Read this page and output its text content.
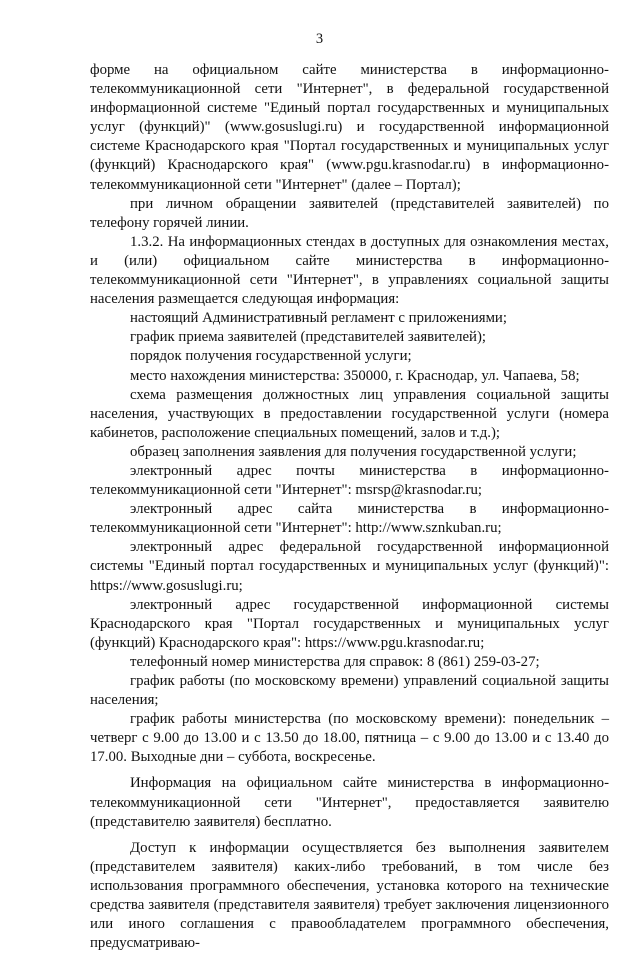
3

форме на официальном сайте министерства в информационно-телекоммуникационной сети "Интернет", в федеральной государственной информационной системе "Единый портал государственных и муниципальных услуг (функций)" (www.gosuslugi.ru) и государственной информационной системе Краснодарского края "Портал государственных и муниципальных услуг (функций) Краснодарского края" (www.pgu.krasnodar.ru) в информационно-телекоммуникационной сети "Интернет" (далее – Портал);

при личном обращении заявителей (представителей заявителей) по телефону горячей линии.

1.3.2. На информационных стендах в доступных для ознакомления местах, и (или) официальном сайте министерства в информационно-телекоммуникационной сети "Интернет", в управлениях социальной защиты населения размещается следующая информация:

настоящий Административный регламент с приложениями;

график приема заявителей (представителей заявителей);

порядок получения государственной услуги;

место нахождения министерства: 350000, г. Краснодар, ул. Чапаева, 58;

схема размещения должностных лиц управления социальной защиты населения, участвующих в предоставлении государственной услуги (номера кабинетов, расположение специальных помещений, залов и т.д.);

образец заполнения заявления для получения государственной услуги;

электронный адрес почты министерства в информационно-телекоммуникационной сети "Интернет": msrsp@krasnodar.ru;

электронный адрес сайта министерства в информационно-телекоммуникационной сети "Интернет": http://www.sznkuban.ru;

электронный адрес федеральной государственной информационной системы "Единый портал государственных и муниципальных услуг (функций)": https://www.gosuslugi.ru;

электронный адрес государственной информационной системы Краснодарского края "Портал государственных и муниципальных услуг (функций) Краснодарского края": https://www.pgu.krasnodar.ru;

телефонный номер министерства для справок: 8 (861) 259-03-27;

график работы (по московскому времени) управлений социальной защиты населения;

график работы министерства (по московскому времени): понедельник – четверг с 9.00 до 13.00 и с 13.50 до 18.00, пятница – с 9.00 до 13.00 и с 13.40 до 17.00. Выходные дни – суббота, воскресенье.

Информация на официальном сайте министерства в информационно-телекоммуникационной сети "Интернет", предоставляется заявителю (представителю заявителя) бесплатно.

Доступ к информации осуществляется без выполнения заявителем (представителем заявителя) каких-либо требований, в том числе без использования программного обеспечения, установка которого на технические средства заявителя (представителя заявителя) требует заключения лицензионного или иного соглашения с правообладателем программного обеспечения, предусматриваю-
